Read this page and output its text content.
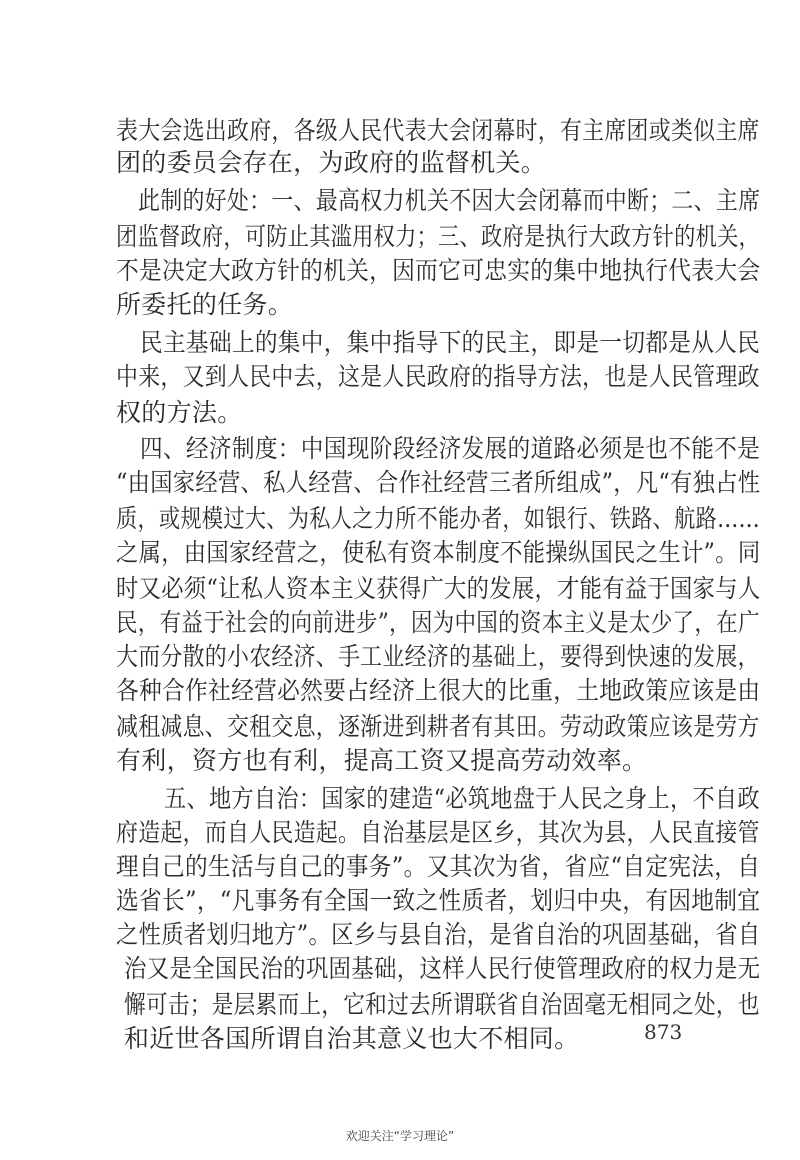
表大会选出政府，各级人民代表大会闭幕时，有主席团或类似主席
团的委员会存在，为政府的监督机关。
此制的好处：一、最高权力机关不因大会闭幕而中断；二、主席
团监督政府，可防止其滥用权力；三、政府是执行大政方针的机关，
不是决定大政方针的机关，因而它可忠实的集中地执行代表大会
所委托的任务。
民主基础上的集中，集中指导下的民主，即是一切都是从人民
中来，又到人民中去，这是人民政府的指导方法，也是人民管理政
权的方法。
四、经济制度：中国现阶段经济发展的道路必须是也不能不是
“由国家经营、私人经营、合作社经营三者所组成”，凡“有独占性
质，或规模过大、为私人之力所不能办者，如银行、铁路、航路……
之属，由国家经营之，使私有资本制度不能操纵国民之生计”。同
时又必须“让私人资本主义获得广大的发展，才能有益于国家与人
民，有益于社会的向前进步”，因为中国的资本主义是太少了，在广
大而分散的小农经济、手工业经济的基础上，要得到快速的发展，
各种合作社经营必然要占经济上很大的比重，土地政策应该是由
减租减息、交租交息，逐渐进到耕者有其田。劳动政策应该是劳方
有利，资方也有利，提高工资又提高劳动效率。
五、地方自治：国家的建造“必筑地盘于人民之身上，不自政
府造起，而自人民造起。自治基层是区乡，其次为县，人民直接管
理自己的生活与自己的事务”。又其次为省，省应“自定宪法，自
选省长”，“凡事务有全国一致之性质者，划归中央，有因地制宜
之性质者划归地方”。区乡与县自治，是省自治的巩固基础，省自
治又是全国民治的巩固基础，这样人民行使管理政府的权力是无
懈可击；是层累而上，它和过去所谓联省自治固毫无相同之处，也
和近世各国所谓自治其意义也大不相同。	873
欢迎关注“学习理论”
